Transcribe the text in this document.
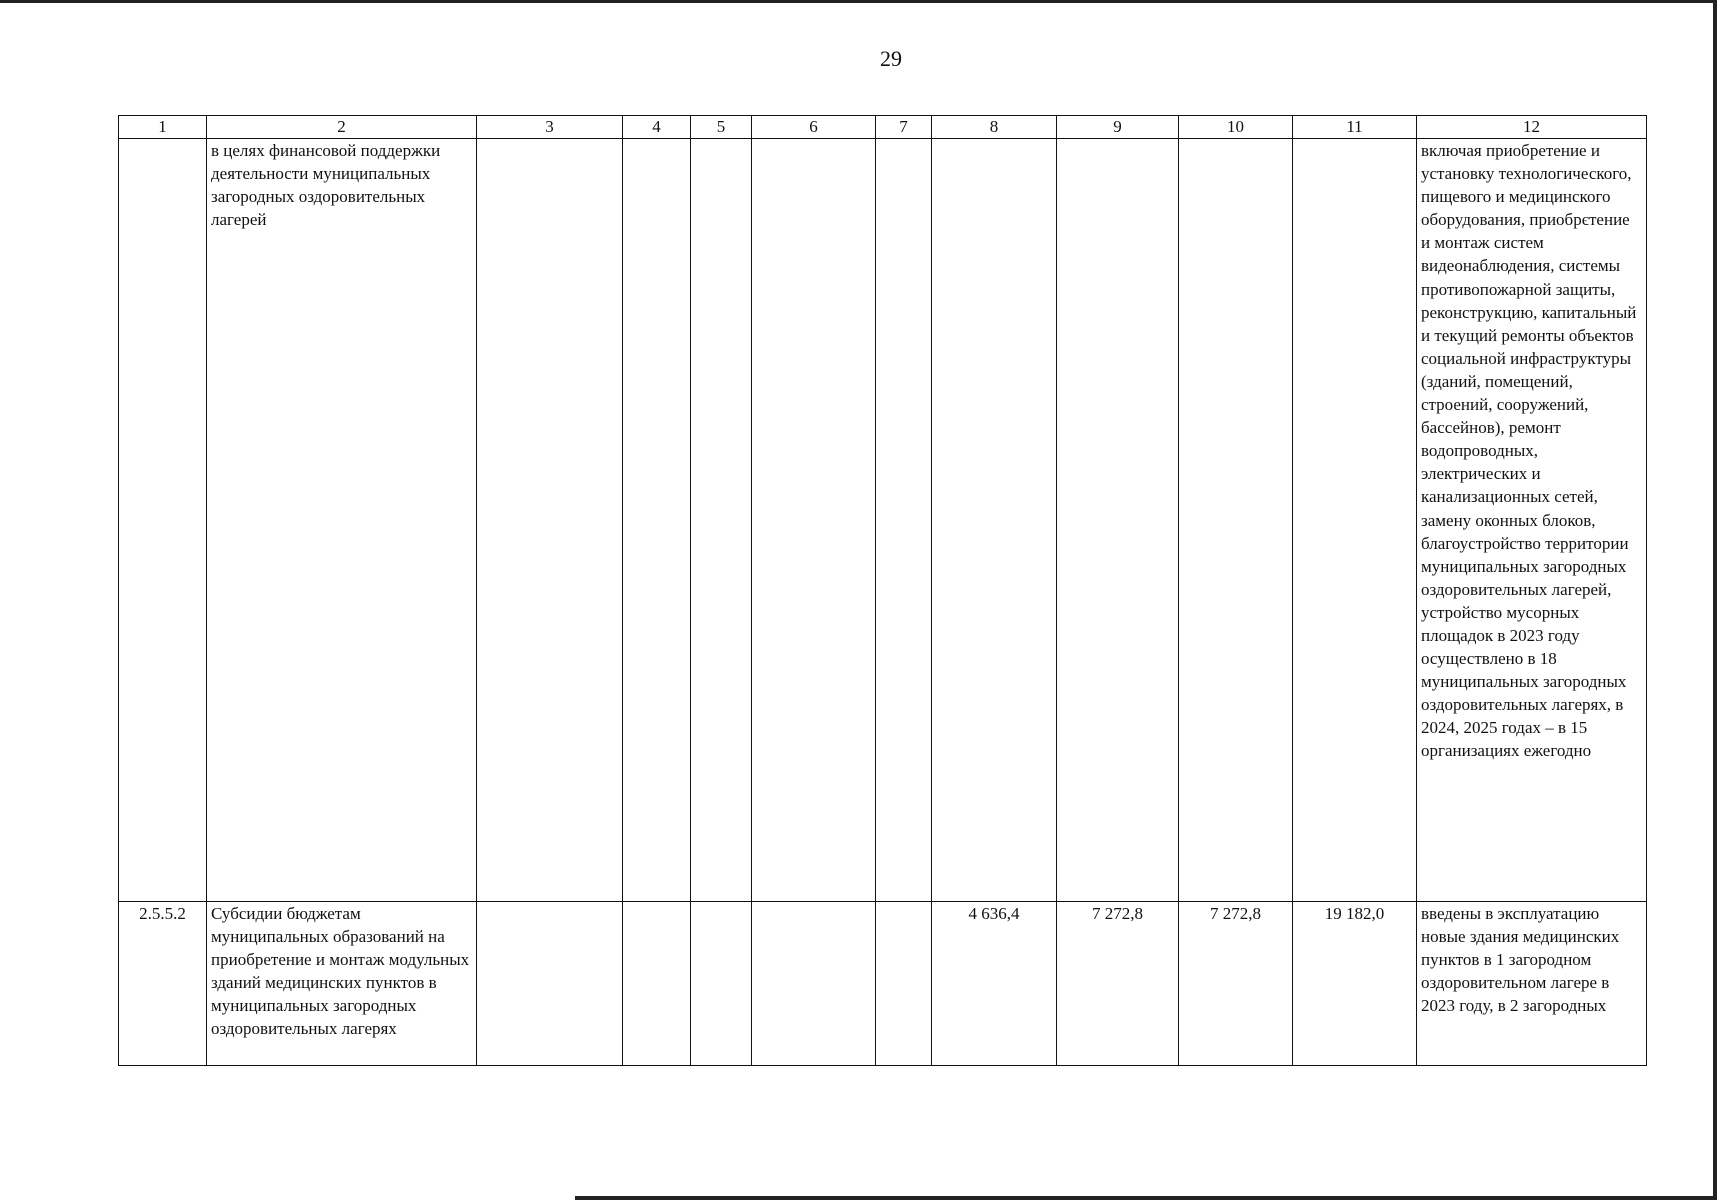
29
1	2	3	4	5	6	7	8	9	10	11	12
	в целях финансовой поддержки деятельности муниципальных загородных оздоровительных лагерей										включая приобретение и установку технологического, пищевого и медицинского оборудования, приобрєтение и монтаж систем видеонаблюдения, системы противопожарной защиты, реконструкцию, капитальный и текущий ремонты объектов социальной инфраструктуры (зданий, помещений, строений, сооружений, бассейнов), ремонт водопроводных, электрических и канализационных сетей, замену оконных блоков, благоустройство территории муниципальных загородных оздоровительных лагерей, устройство мусорных площадок в 2023 году осуществлено в 18 муниципальных загородных оздоровительных лагерях, в 2024, 2025 годах – в 15 организациях ежегодно
2.5.5.2	Субсидии бюджетам муниципальных образований на приобретение и монтаж модульных зданий медицинских пунктов в муниципальных загородных оздоровительных лагерях						4 636,4	7 272,8	7 272,8	19 182,0	введены в эксплуатацию новые здания медицинских пунктов в 1 загородном оздоровительном лагере в 2023 году, в 2 загородных
